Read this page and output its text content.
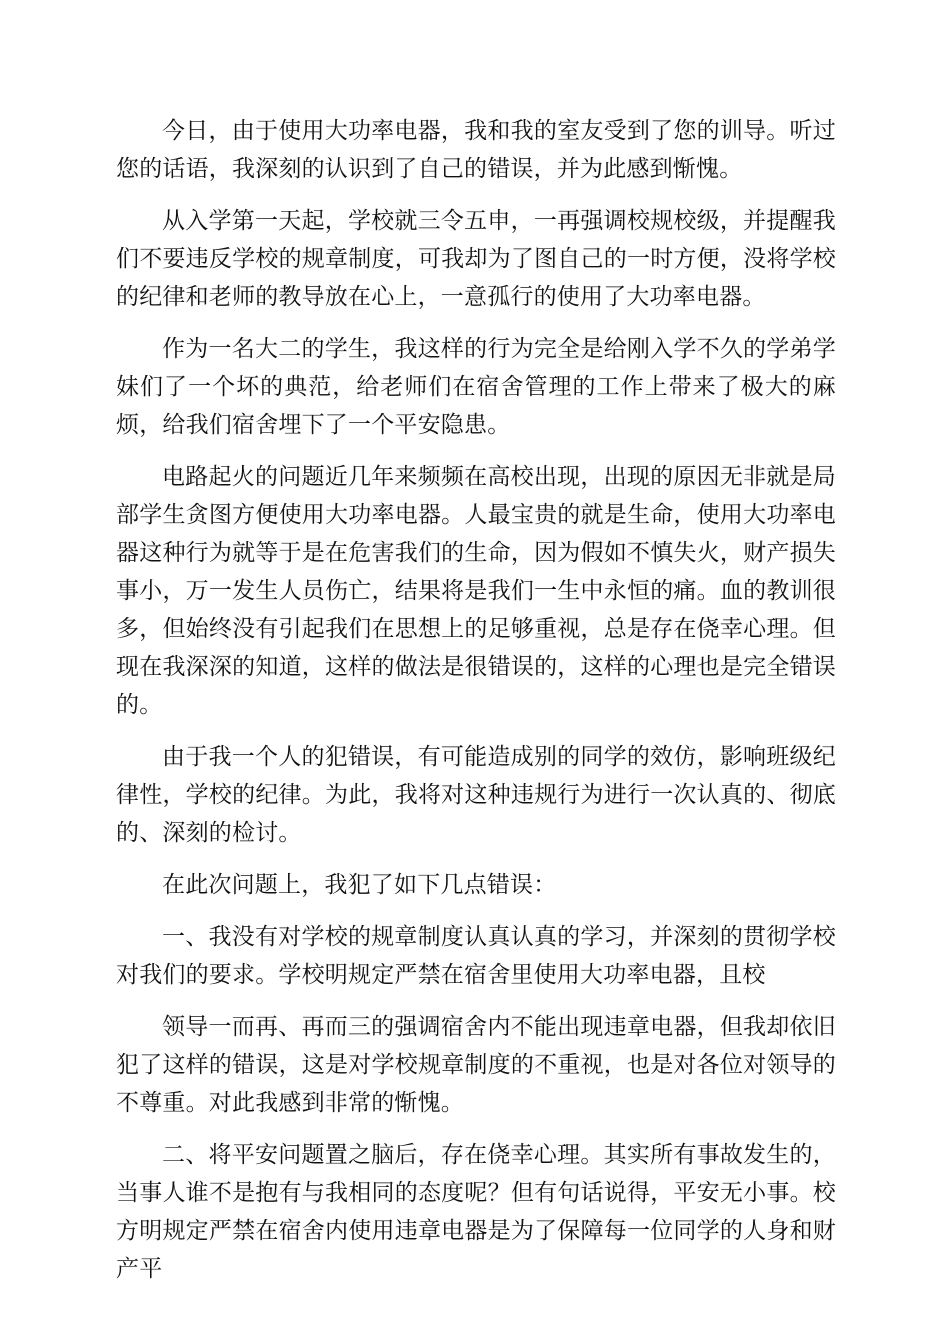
今日，由于使用大功率电器，我和我的室友受到了您的训导。听过您的话语，我深刻的认识到了自己的错误，并为此感到惭愧。

从入学第一天起，学校就三令五申，一再强调校规校级，并提醒我们不要违反学校的规章制度，可我却为了图自己的一时方便，没将学校的纪律和老师的教导放在心上，一意孤行的使用了大功率电器。

作为一名大二的学生，我这样的行为完全是给刚入学不久的学弟学妹们了一个坏的典范，给老师们在宿舍管理的工作上带来了极大的麻烦，给我们宿舍埋下了一个平安隐患。

电路起火的问题近几年来频频在高校出现，出现的原因无非就是局部学生贪图方便使用大功率电器。人最宝贵的就是生命，使用大功率电器这种行为就等于是在危害我们的生命，因为假如不慎失火，财产损失事小，万一发生人员伤亡，结果将是我们一生中永恒的痛。血的教训很多，但始终没有引起我们在思想上的足够重视，总是存在侥幸心理。但现在我深深的知道，这样的做法是很错误的，这样的心理也是完全错误的。

由于我一个人的犯错误，有可能造成别的同学的效仿，影响班级纪律性，学校的纪律。为此，我将对这种违规行为进行一次认真的、彻底的、深刻的检讨。

在此次问题上，我犯了如下几点错误：

一、我没有对学校的规章制度认真认真的学习，并深刻的贯彻学校对我们的要求。学校明规定严禁在宿舍里使用大功率电器，且校

领导一而再、再而三的强调宿舍内不能出现违章电器，但我却依旧犯了这样的错误，这是对学校规章制度的不重视，也是对各位对领导的不尊重。对此我感到非常的惭愧。

二、将平安问题置之脑后，存在侥幸心理。其实所有事故发生的，当事人谁不是抱有与我相同的态度呢？但有句话说得，平安无小事。校方明规定严禁在宿舍内使用违章电器是为了保障每一位同学的人身和财产平
